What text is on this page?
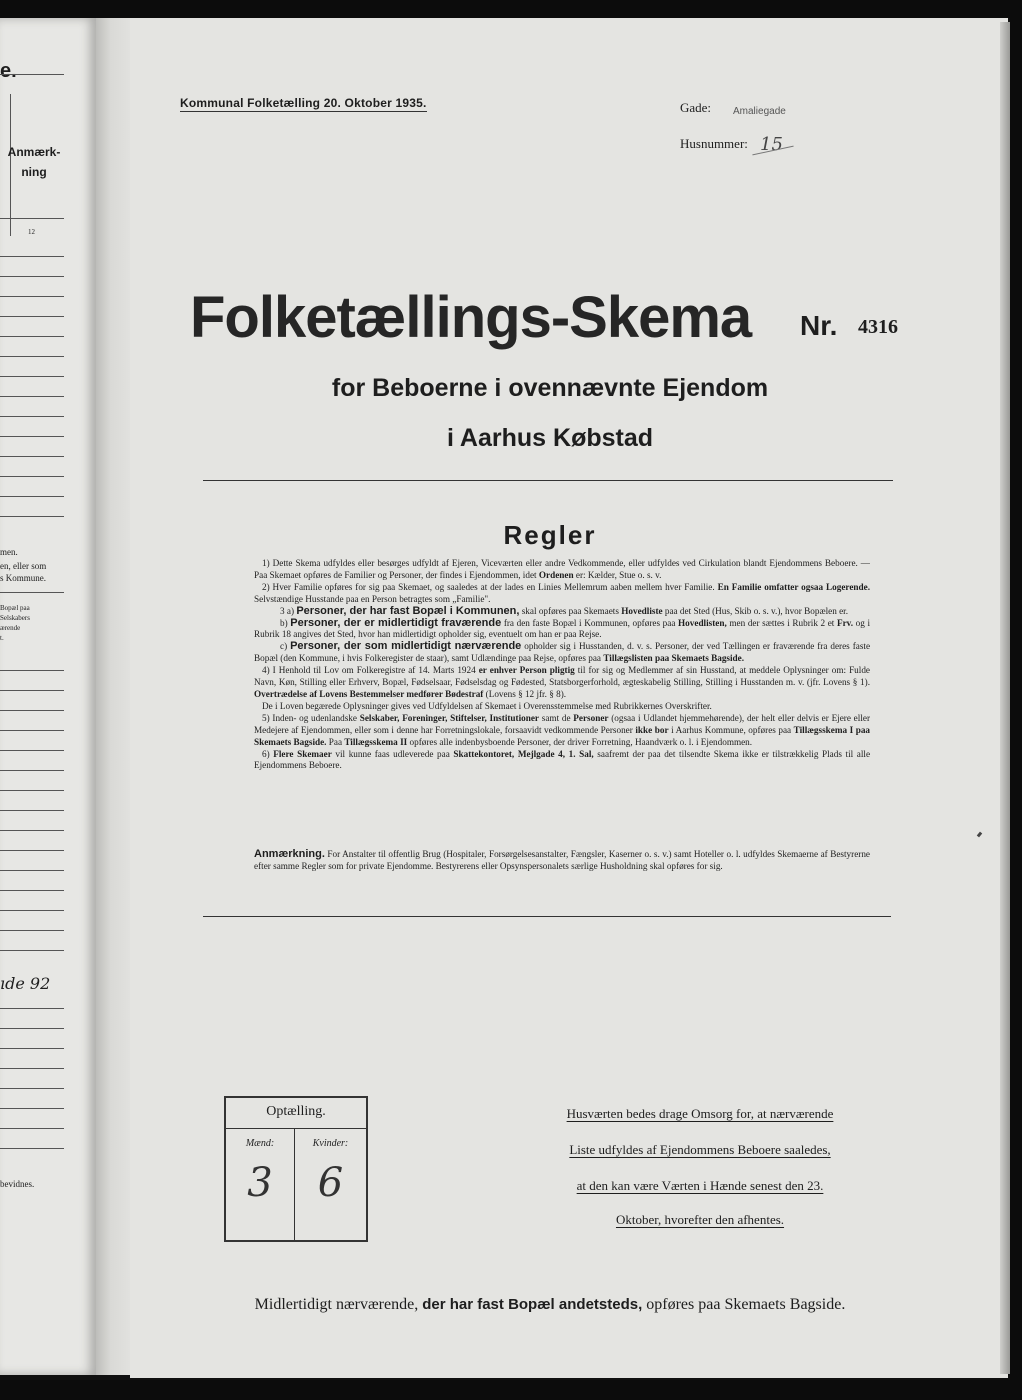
e.
Anmærk-
ning
12
men.
en, eller som
s Kommune.
Bopæl paa
Selskabers
ærende
t.
ıde 92
bevidnes.
Kommunal Folketælling 20. Oktober 1935.	Gade: Amaliegade
Husnummer: 15
Folketællings-Skema Nr. 4316
for Beboerne i ovennævnte Ejendom
i Aarhus Købstad
Regler

1) Dette Skema udfyldes eller besørges udfyldt af Ejeren, Viceværten eller andre Vedkommende, eller udfyldes ved Cirkulation blandt Ejendommens Beboere. — Paa Skemaet opføres de Familier og Personer, der findes i Ejendommen, idet Ordenen er: Kælder, Stue o. s. v.

2) Hver Familie opføres for sig paa Skemaet, og saaledes at der lades en Linies Mellemrum aaben mellem hver Familie. En Familie omfatter ogsaa Logerende. Selvstændige Husstande paa en Person betragtes som „Familie".

3 a) Personer, der har fast Bopæl i Kommunen, skal opføres paa Skemaets Hovedliste paa det Sted (Hus, Skib o. s. v.), hvor Bopælen er.

b) Personer, der er midlertidigt fraværende fra den faste Bopæl i Kommunen, opføres paa Hovedlisten, men der sættes i Rubrik 2 et Frv. og i Rubrik 18 angives det Sted, hvor han midlertidigt opholder sig, eventuelt om han er paa Rejse.

c) Personer, der som midlertidigt nærværende opholder sig i Husstanden, d. v. s. Personer, der ved Tællingen er fraværende fra deres faste Bopæl (den Kommune, i hvis Folkeregister de staar), samt Udlændinge paa Rejse, opføres paa Tillægslisten paa Skemaets Bagside.

4) I Henhold til Lov om Folkeregistre af 14. Marts 1924 er enhver Person pligtig til for sig og Medlemmer af sin Husstand, at meddele Oplysninger om: Fulde Navn, Køn, Stilling eller Erhverv, Bopæl, Fødselsaar, Fødselsdag og Fødested, Statsborgerforhold, ægteskabelig Stilling, Stilling i Husstanden m. v. (jfr. Lovens § 1). Overtrædelse af Lovens Bestemmelser medfører Bødestraf (Lovens § 12 jfr. § 8).

De i Loven begærede Oplysninger gives ved Udfyldelsen af Skemaet i Overensstemmelse med Rubrikkernes Overskrifter.

5) Inden- og udenlandske Selskaber, Foreninger, Stiftelser, Institutioner samt de Personer (ogsaa i Udlandet hjemmehørende), der helt eller delvis er Ejere eller Medejere af Ejendommen, eller som i denne har Forretningslokale, forsaavidt vedkommende Personer ikke bor i Aarhus Kommune, opføres paa Tillægsskema I paa Skemaets Bagside. Paa Tillægsskema II opføres alle indenbysboende Personer, der driver Forretning, Haandværk o. l. i Ejendommen.

6) Flere Skemaer vil kunne faas udleverede paa Skattekontoret, Mejlgade 4, 1. Sal, saafremt der paa det tilsendte Skema ikke er tilstrækkelig Plads til alle Ejendommens Beboere.

Anmærkning. For Anstalter til offentlig Brug (Hospitaler, Forsørgelsesanstalter, Fængsler, Kaserner o. s. v.) samt Hoteller o. l. udfyldes Skemaerne af Bestyrerne efter samme Regler som for private Ejendomme. Bestyrerens eller Opsynspersonalets særlige Husholdning skal opføres for sig.
Optælling.
Mænd:	Kvinder:
3	6
Husværten bedes drage Omsorg for, at nærværende
Liste udfyldes af Ejendommens Beboere saaledes,
at den kan være Værten i Hænde senest den 23.
Oktober, hvorefter den afhentes.
Midlertidigt nærværende, der har fast Bopæl andetsteds, opføres paa Skemaets Bagside.
